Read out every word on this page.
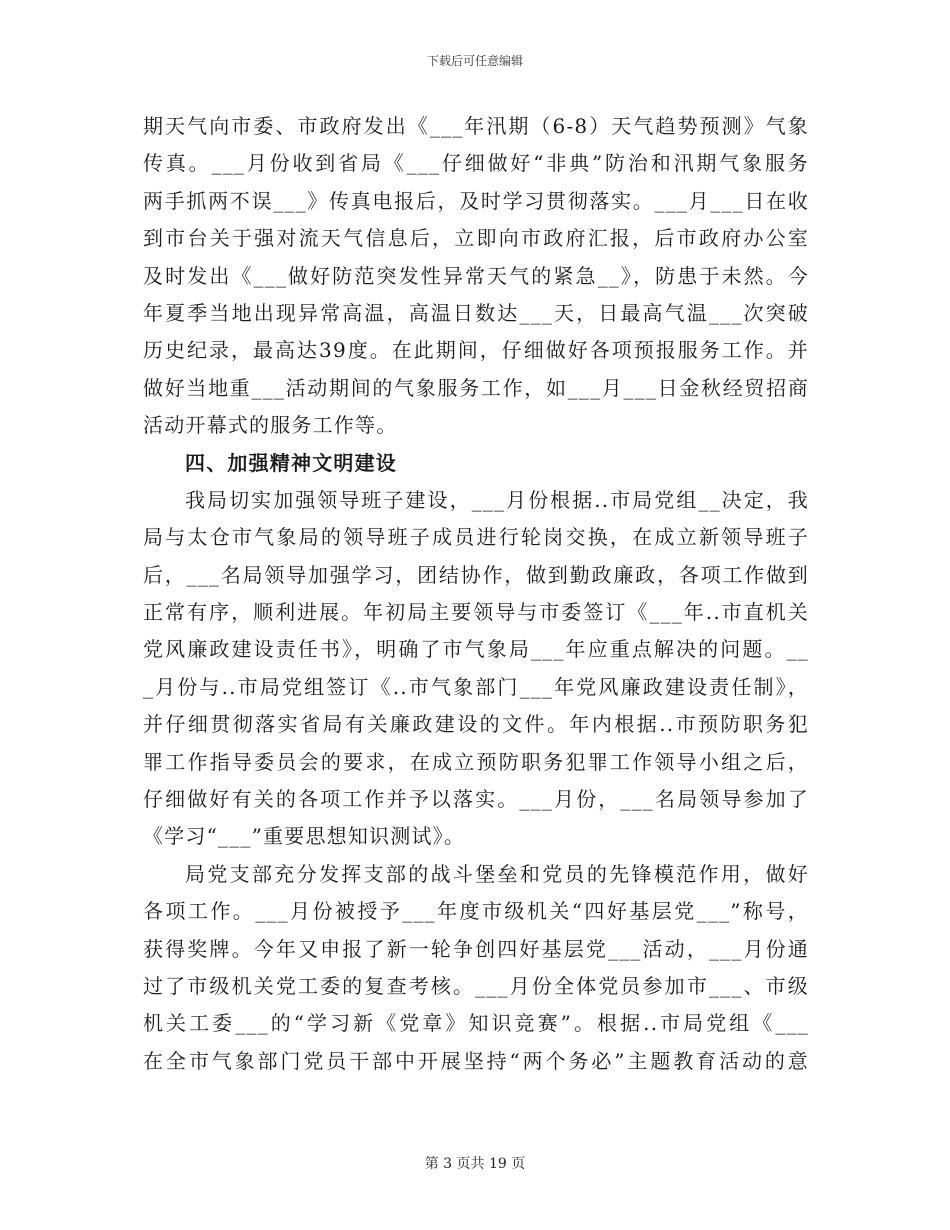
下载后可任意编辑
期天气向市委、市政府发出《___年汛期（6-8）天气趋势预测》气象
传真。___月份收到省局《___仔细做好“非典”防治和汛期气象服务
两手抓两不误___》传真电报后，及时学习贯彻落实。___月___日在收
到市台关于强对流天气信息后，立即向市政府汇报，后市政府办公室
及时发出《___做好防范突发性异常天气的紧急__》，防患于未然。今
年夏季当地出现异常高温，高温日数达___天，日最高气温___次突破
历史纪录，最高达39度。在此期间，仔细做好各项预报服务工作。并
做好当地重___活动期间的气象服务工作，如___月___日金秋经贸招商
活动开幕式的服务工作等。
四、加强精神文明建设
我局切实加强领导班子建设，___月份根据..市局党组__决定，我
局与太仓市气象局的领导班子成员进行轮岗交换，在成立新领导班子
后，___名局领导加强学习，团结协作，做到勤政廉政，各项工作做到
正常有序，顺利进展。年初局主要领导与市委签订《___年..市直机关
党风廉政建设责任书》，明确了市气象局___年应重点解决的问题。__
_月份与..市局党组签订《..市气象部门___年党风廉政建设责任制》，
并仔细贯彻落实省局有关廉政建设的文件。年内根据..市预防职务犯
罪工作指导委员会的要求，在成立预防职务犯罪工作领导小组之后，
仔细做好有关的各项工作并予以落实。___月份，___名局领导参加了
《学习“___”重要思想知识测试》。
局党支部充分发挥支部的战斗堡垒和党员的先锋模范作用，做好
各项工作。___月份被授予___年度市级机关“四好基层党___”称号，
获得奖牌。今年又申报了新一轮争创四好基层党___活动，___月份通
过了市级机关党工委的复查考核。___月份全体党员参加市___、市级
机关工委___的“学习新《党章》知识竞赛”。根据..市局党组《___
在全市气象部门党员干部中开展坚持“两个务必”主题教育活动的意
第 3 页共 19 页
